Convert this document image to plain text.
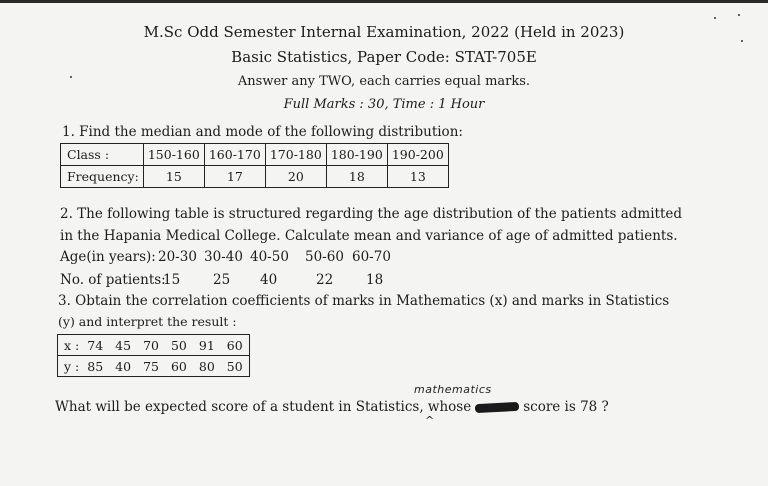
M.Sc Odd Semester Internal Examination, 2022 (Held in 2023)
Basic Statistics, Paper Code: STAT-705E
Answer any TWO, each carries equal marks.
Full Marks : 30, Time : 1 Hour
1. Find the median and mode of the following distribution:
Class :	150-160	160-170	170-180	180-190	190-200
Frequency:	15	17	20	18	13
2. The following table is structured regarding the age distribution of the patients admitted
in the Hapania Medical College. Calculate mean and variance of age of admitted patients.
Age(in years): 20-30 30-40 40-50 50-60 60-70
No. of patients:
15 25 40	22 18
3. Obtain the correlation coefficients of marks in Mathematics (x) and marks in Statistics
(y) and interpret the result :
x :	74	45	70	50	91	60
y :	85	40	75	60	80	50
mathematics
What will be expected score of a student in Statistics, whose	score is 78 ?
^
